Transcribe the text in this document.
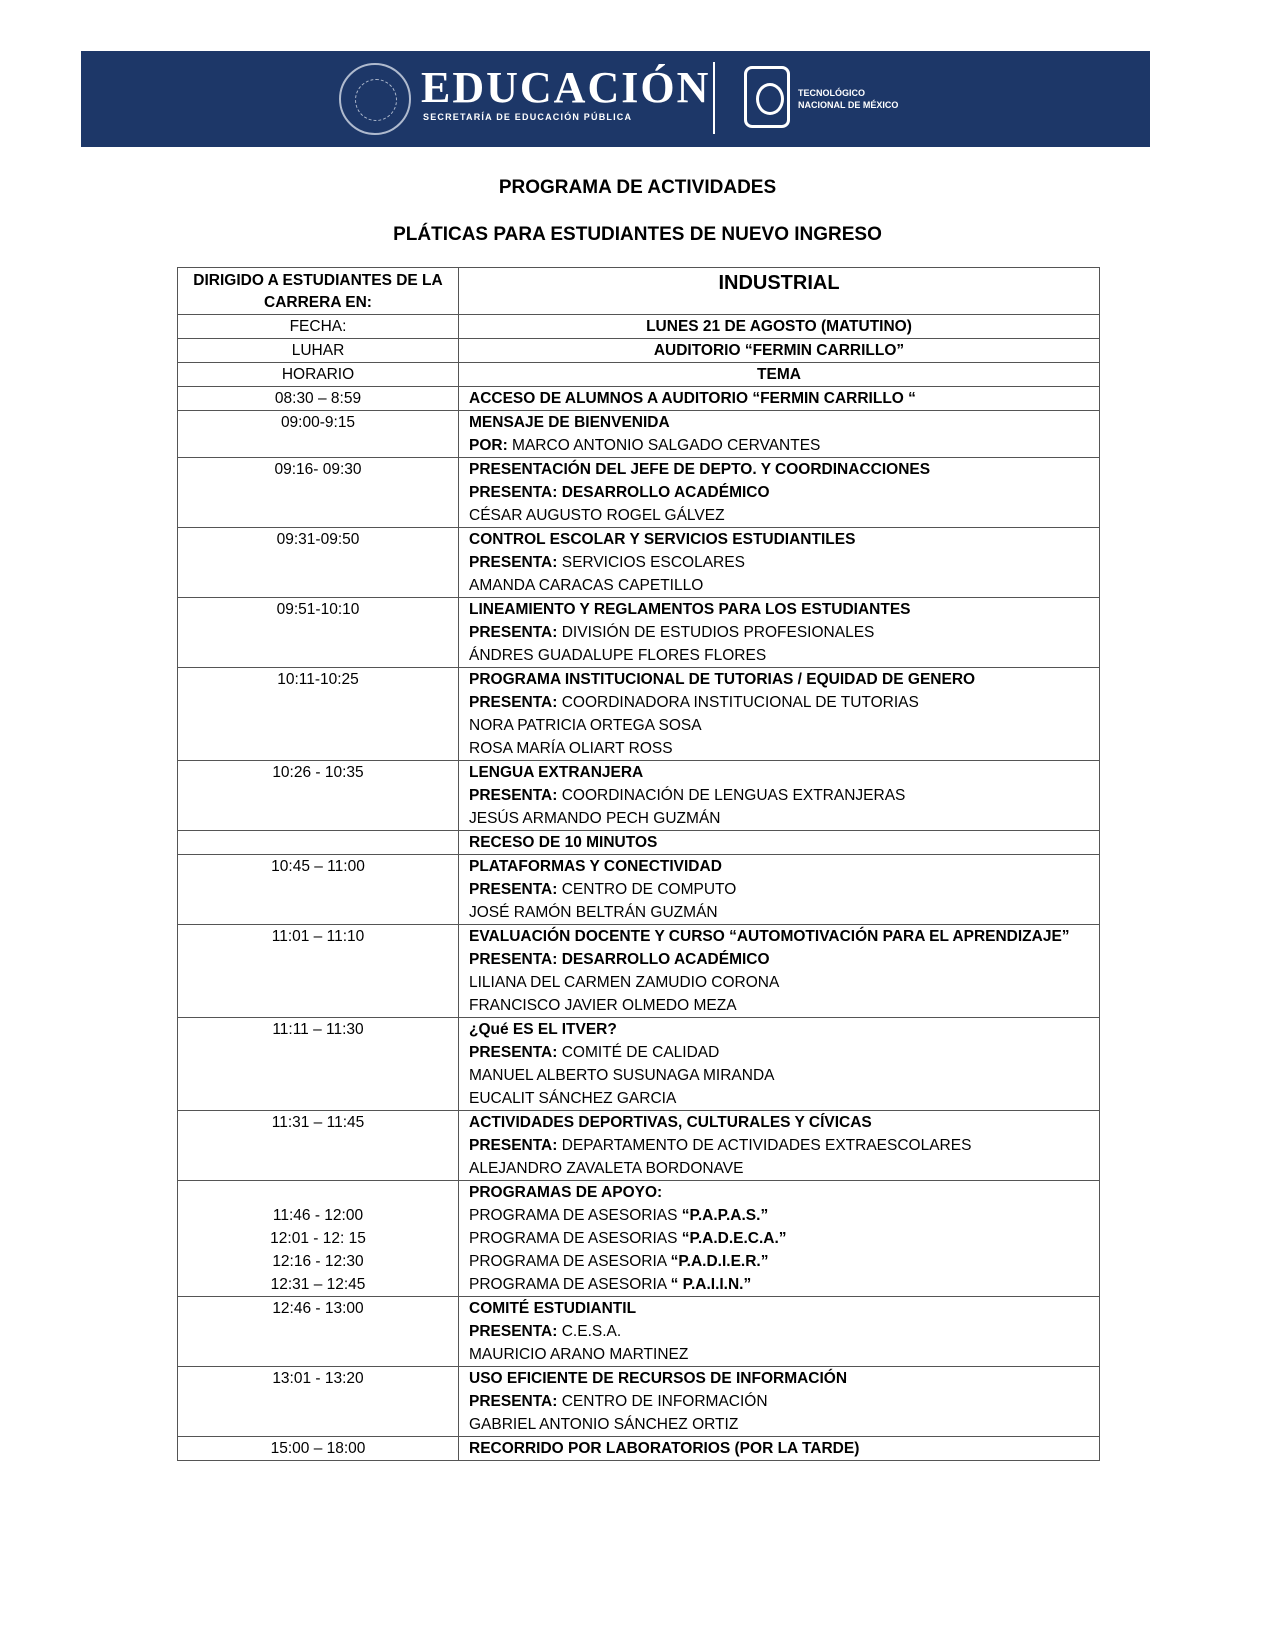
EDUCACIÓN
SECRETARÍA DE EDUCACIÓN PÚBLICA
TECNOLÓGICO
NACIONAL DE MÉXICO
PROGRAMA DE ACTIVIDADES
PLÁTICAS PARA ESTUDIANTES DE NUEVO INGRESO
DIRIGIDO A ESTUDIANTES DE LA CARRERA EN:	INDUSTRIAL
FECHA:	LUNES 21 DE AGOSTO (MATUTINO)
LUHAR	AUDITORIO “FERMIN CARRILLO”
HORARIO	TEMA
08:30 – 8:59	ACCESO DE ALUMNOS A AUDITORIO “FERMIN CARRILLO “

09:00-9:15	MENSAJE DE BIENVENIDA
POR: MARCO ANTONIO SALGADO CERVANTES

09:16- 09:30	PRESENTACIÓN DEL JEFE DE DEPTO. Y COORDINACCIONES
PRESENTA: DESARROLLO ACADÉMICO
CÉSAR AUGUSTO ROGEL GÁLVEZ

09:31-09:50	CONTROL ESCOLAR Y SERVICIOS ESTUDIANTILES
PRESENTA: SERVICIOS ESCOLARES
AMANDA CARACAS CAPETILLO

09:51-10:10	LINEAMIENTO Y REGLAMENTOS PARA LOS ESTUDIANTES
PRESENTA: DIVISIÓN DE ESTUDIOS PROFESIONALES
ÁNDRES GUADALUPE FLORES FLORES

10:11-10:25	PROGRAMA INSTITUCIONAL DE TUTORIAS / EQUIDAD DE GENERO
PRESENTA: COORDINADORA INSTITUCIONAL DE TUTORIAS
NORA PATRICIA ORTEGA SOSA
ROSA MARÍA OLIART ROSS

10:26 - 10:35	LENGUA EXTRANJERA
PRESENTA: COORDINACIÓN DE LENGUAS EXTRANJERAS
JESÚS ARMANDO PECH GUZMÁN

	RECESO DE 10 MINUTOS

10:45 – 11:00	PLATAFORMAS Y CONECTIVIDAD
PRESENTA: CENTRO DE COMPUTO
JOSÉ RAMÓN BELTRÁN GUZMÁN

11:01 – 11:10	EVALUACIÓN DOCENTE Y CURSO “AUTOMOTIVACIÓN PARA EL APRENDIZAJE”
PRESENTA: DESARROLLO ACADÉMICO
LILIANA DEL CARMEN ZAMUDIO CORONA
FRANCISCO JAVIER OLMEDO MEZA

11:11 – 11:30	¿Qué ES EL ITVER?
PRESENTA: COMITÉ DE CALIDAD
MANUEL ALBERTO SUSUNAGA MIRANDA
EUCALIT SÁNCHEZ GARCIA

11:31 – 11:45	ACTIVIDADES DEPORTIVAS, CULTURALES Y CÍVICAS
PRESENTA: DEPARTAMENTO DE ACTIVIDADES EXTRAESCOLARES
ALEJANDRO ZAVALETA BORDONAVE

11:46 - 12:00
12:01 - 12: 15
12:16 - 12:30
12:31 – 12:45	PROGRAMAS DE APOYO:
PROGRAMA DE ASESORIAS “P.A.P.A.S.”
PROGRAMA DE ASESORIAS “P.A.D.E.C.A.”
PROGRAMA DE ASESORIA “P.A.D.I.E.R.”
PROGRAMA DE ASESORIA “ P.A.I.I.N.”

12:46 - 13:00	COMITÉ ESTUDIANTIL
PRESENTA: C.E.S.A.
MAURICIO ARANO MARTINEZ

13:01 - 13:20	USO EFICIENTE DE RECURSOS DE INFORMACIÓN
PRESENTA: CENTRO DE INFORMACIÓN
GABRIEL ANTONIO SÁNCHEZ ORTIZ

15:00 – 18:00	RECORRIDO POR LABORATORIOS (POR LA TARDE)
